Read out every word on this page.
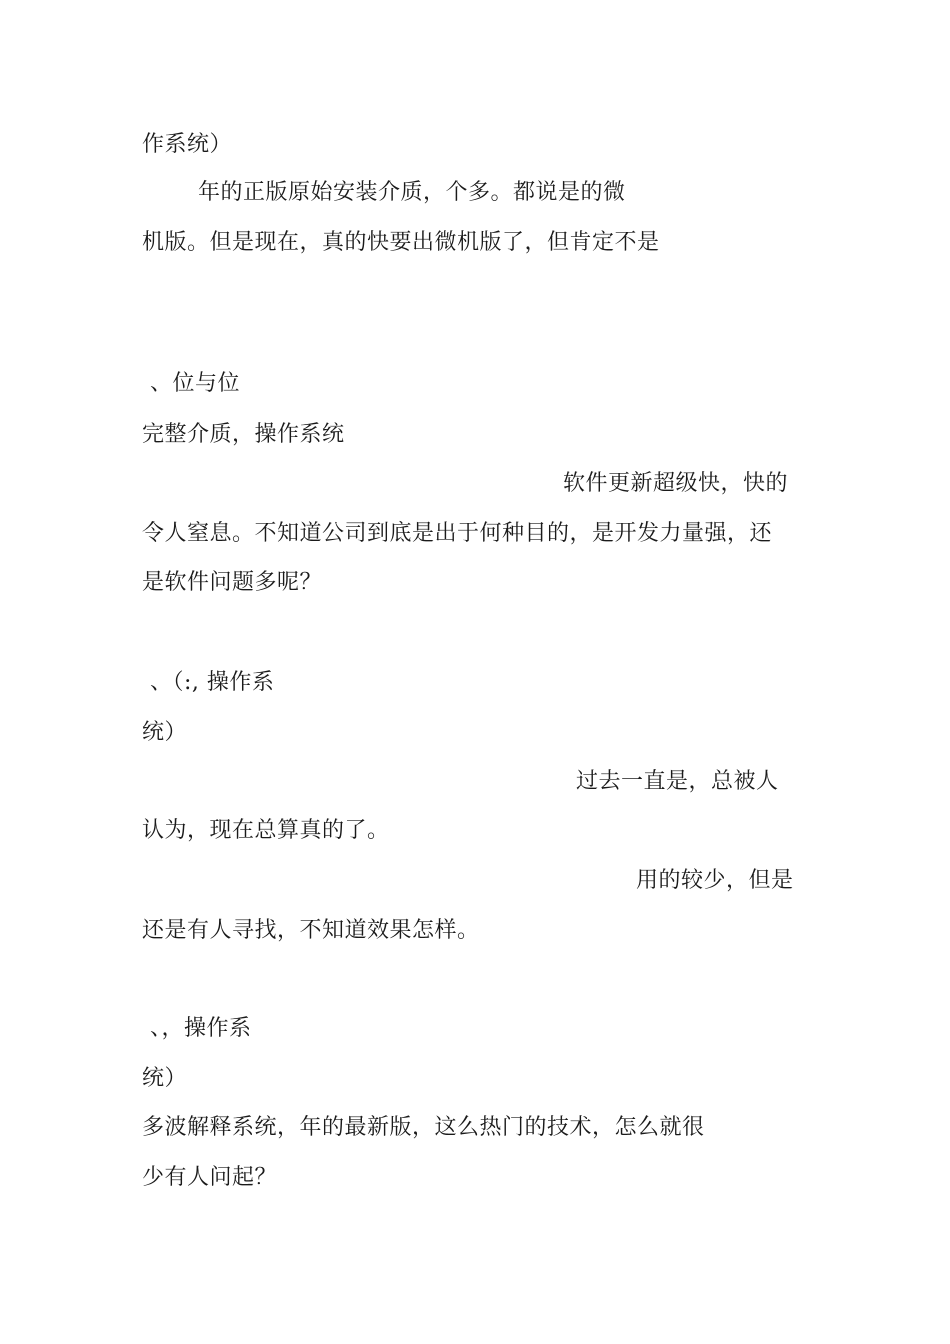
作系统）
年的正版原始安装介质，个多。都说是的微
机版。但是现在，真的快要出微机版了，但肯定不是
、位与位
完整介质，操作系统
软件更新超级快，快的
令人窒息。不知道公司到底是出于何种目的，是开发力量强，还
是软件问题多呢？
、（:, 操作系
统）
过去一直是，总被人
认为，现在总算真的了。
用的较少，但是
还是有人寻找，不知道效果怎样。
、，操作系
统）
多波解释系统，年的最新版，这么热门的技术，怎么就很
少有人问起？
